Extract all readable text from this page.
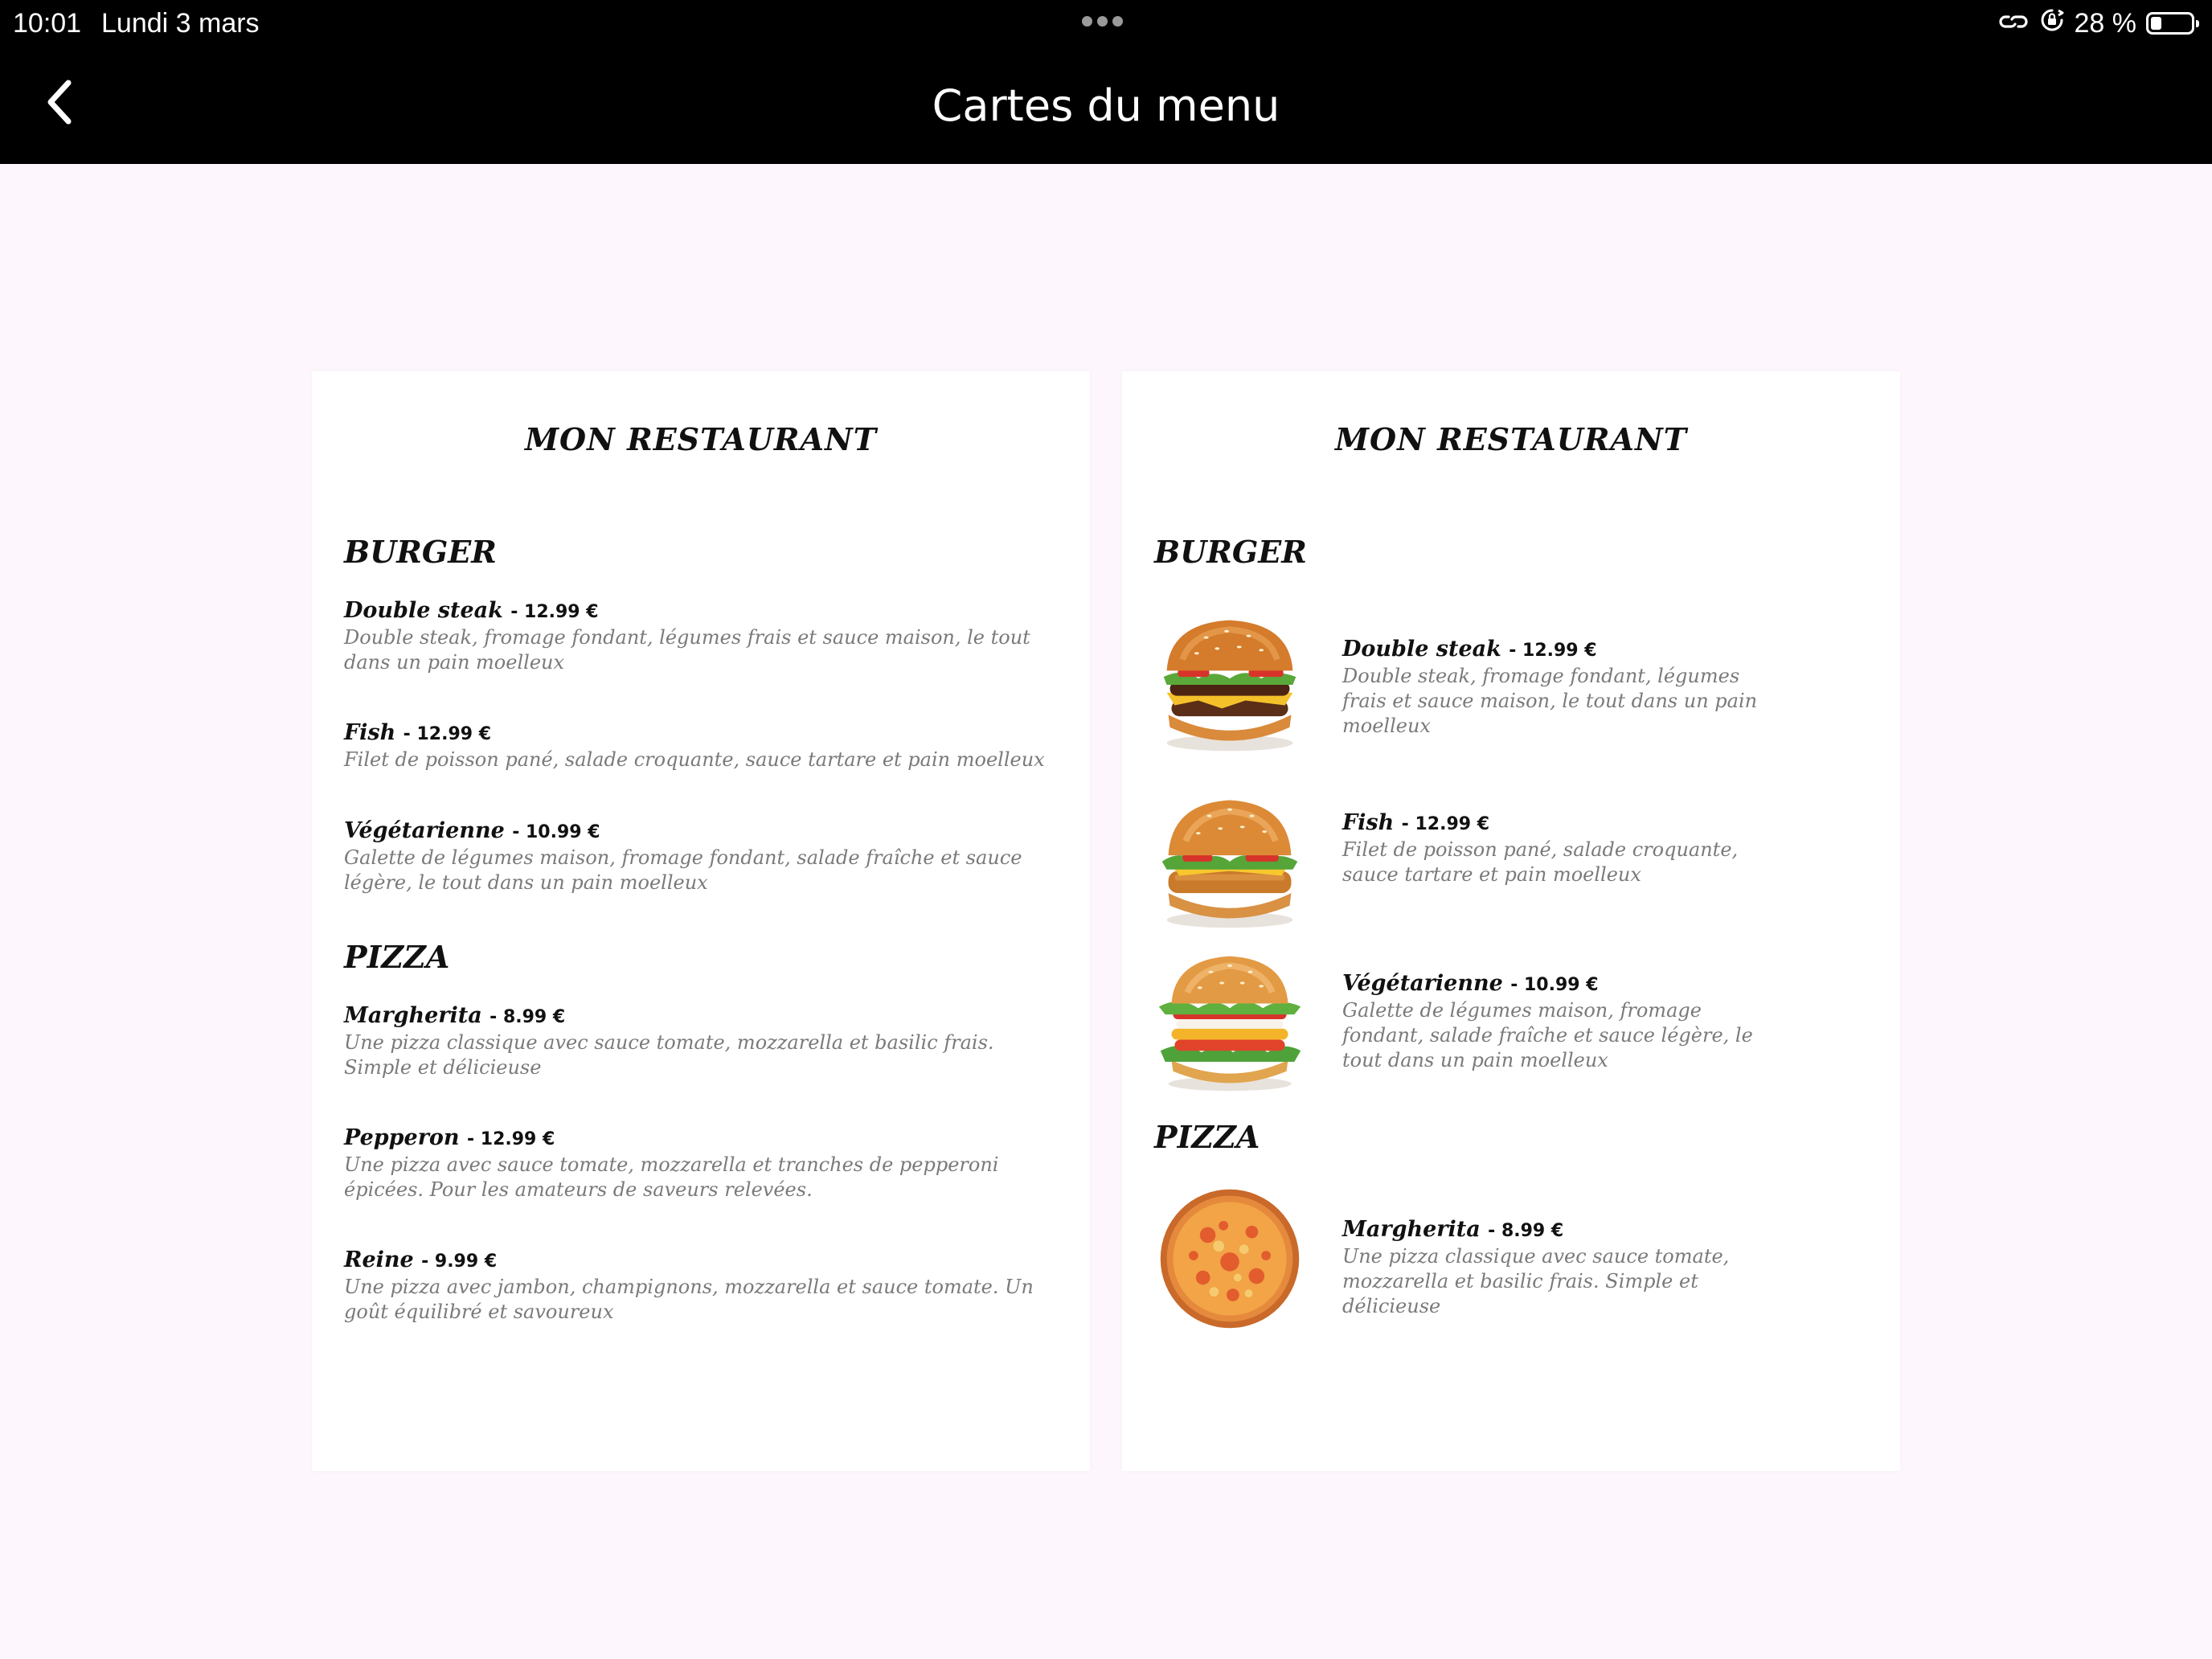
10:01 Lundi 3 mars	28 %
Cartes du menu
MON RESTAURANT
BURGER
Double steak - 12.99 €
Double steak, fromage fondant, légumes frais et sauce maison, le tout dans un pain moelleux
Fish - 12.99 €
Filet de poisson pané, salade croquante, sauce tartare et pain moelleux
Végétarienne - 10.99 €
Galette de légumes maison, fromage fondant, salade fraîche et sauce légère, le tout dans un pain moelleux
PIZZA
Margherita - 8.99 €
Une pizza classique avec sauce tomate, mozzarella et basilic frais. Simple et délicieuse
Pepperon - 12.99 €
Une pizza avec sauce tomate, mozzarella et tranches de pepperoni épicées. Pour les amateurs de saveurs relevées.
Reine - 9.99 €
Une pizza avec jambon, champignons, mozzarella et sauce tomate. Un goût équilibré et savoureux
MON RESTAURANT
BURGER
Double steak - 12.99 €
Double steak, fromage fondant, légumes frais et sauce maison, le tout dans un pain moelleux
Fish - 12.99 €
Filet de poisson pané, salade croquante, sauce tartare et pain moelleux
Végétarienne - 10.99 €
Galette de légumes maison, fromage fondant, salade fraîche et sauce légère, le tout dans un pain moelleux
PIZZA
Margherita - 8.99 €
Une pizza classique avec sauce tomate, mozzarella et basilic frais. Simple et délicieuse
